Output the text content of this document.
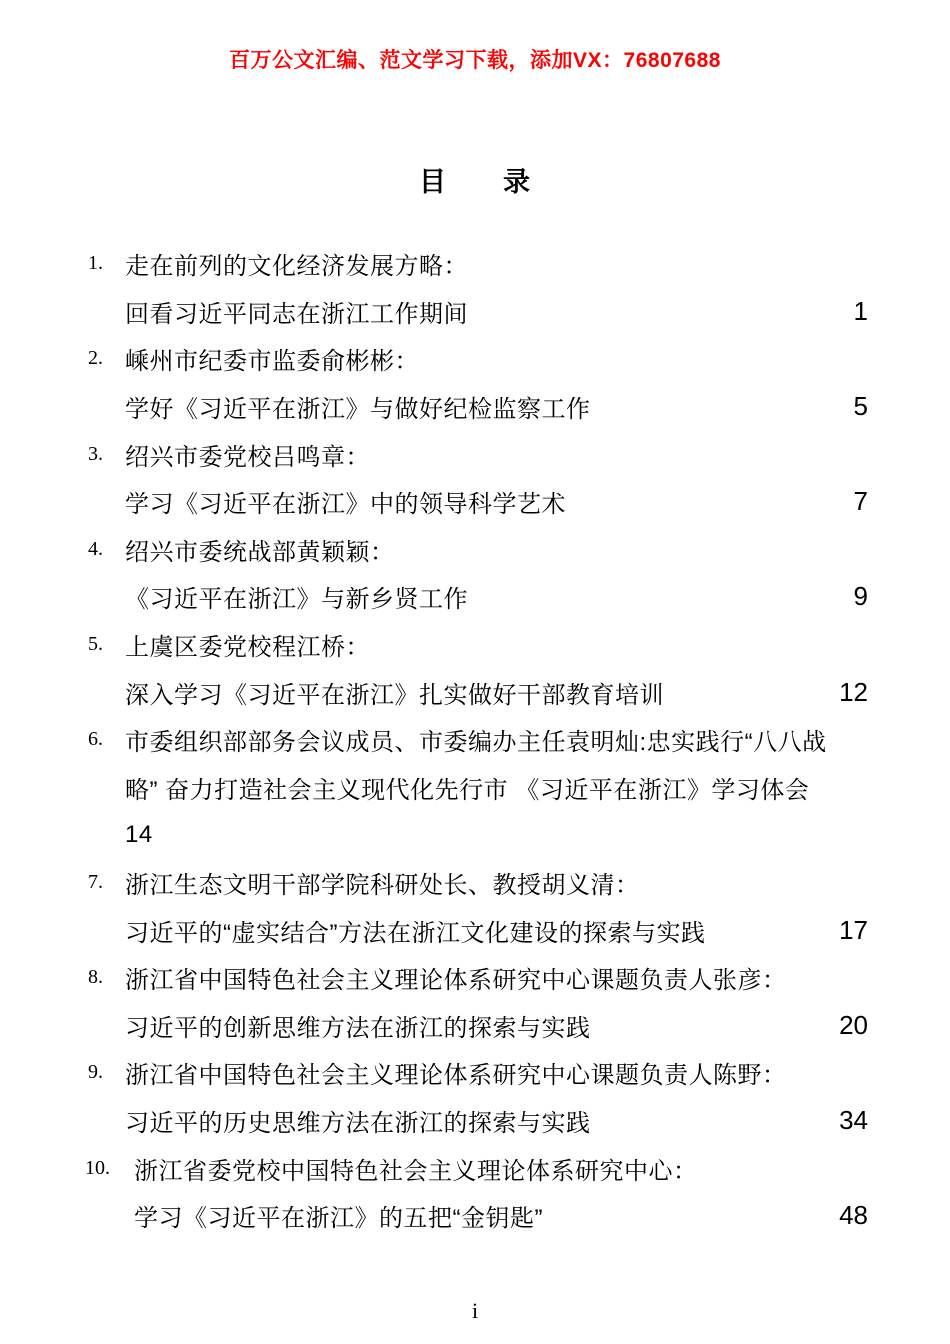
百万公文汇编、范文学习下载，添加VX：76807688
目　　录
1. 走在前列的文化经济发展方略：
回看习近平同志在浙江工作期间	1
2. 嵊州市纪委市监委俞彬彬：
学好《习近平在浙江》与做好纪检监察工作	5
3. 绍兴市委党校吕鸣章：
学习《习近平在浙江》中的领导科学艺术	7
4. 绍兴市委统战部黄颖颖：
《习近平在浙江》与新乡贤工作	9
5. 上虞区委党校程江桥：
深入学习《习近平在浙江》扎实做好干部教育培训	12
6. 市委组织部部务会议成员、市委编办主任袁明灿:忠实践行“八八战
略” 奋力打造社会主义现代化先行市 《习近平在浙江》学习体会
14
7. 浙江生态文明干部学院科研处长、教授胡义清：
习近平的“虚实结合”方法在浙江文化建设的探索与实践	17
8. 浙江省中国特色社会主义理论体系研究中心课题负责人张彦：
习近平的创新思维方法在浙江的探索与实践	20
9. 浙江省中国特色社会主义理论体系研究中心课题负责人陈野：
习近平的历史思维方法在浙江的探索与实践	34
10. 浙江省委党校中国特色社会主义理论体系研究中心：
学习《习近平在浙江》的五把“金钥匙”	48
i
